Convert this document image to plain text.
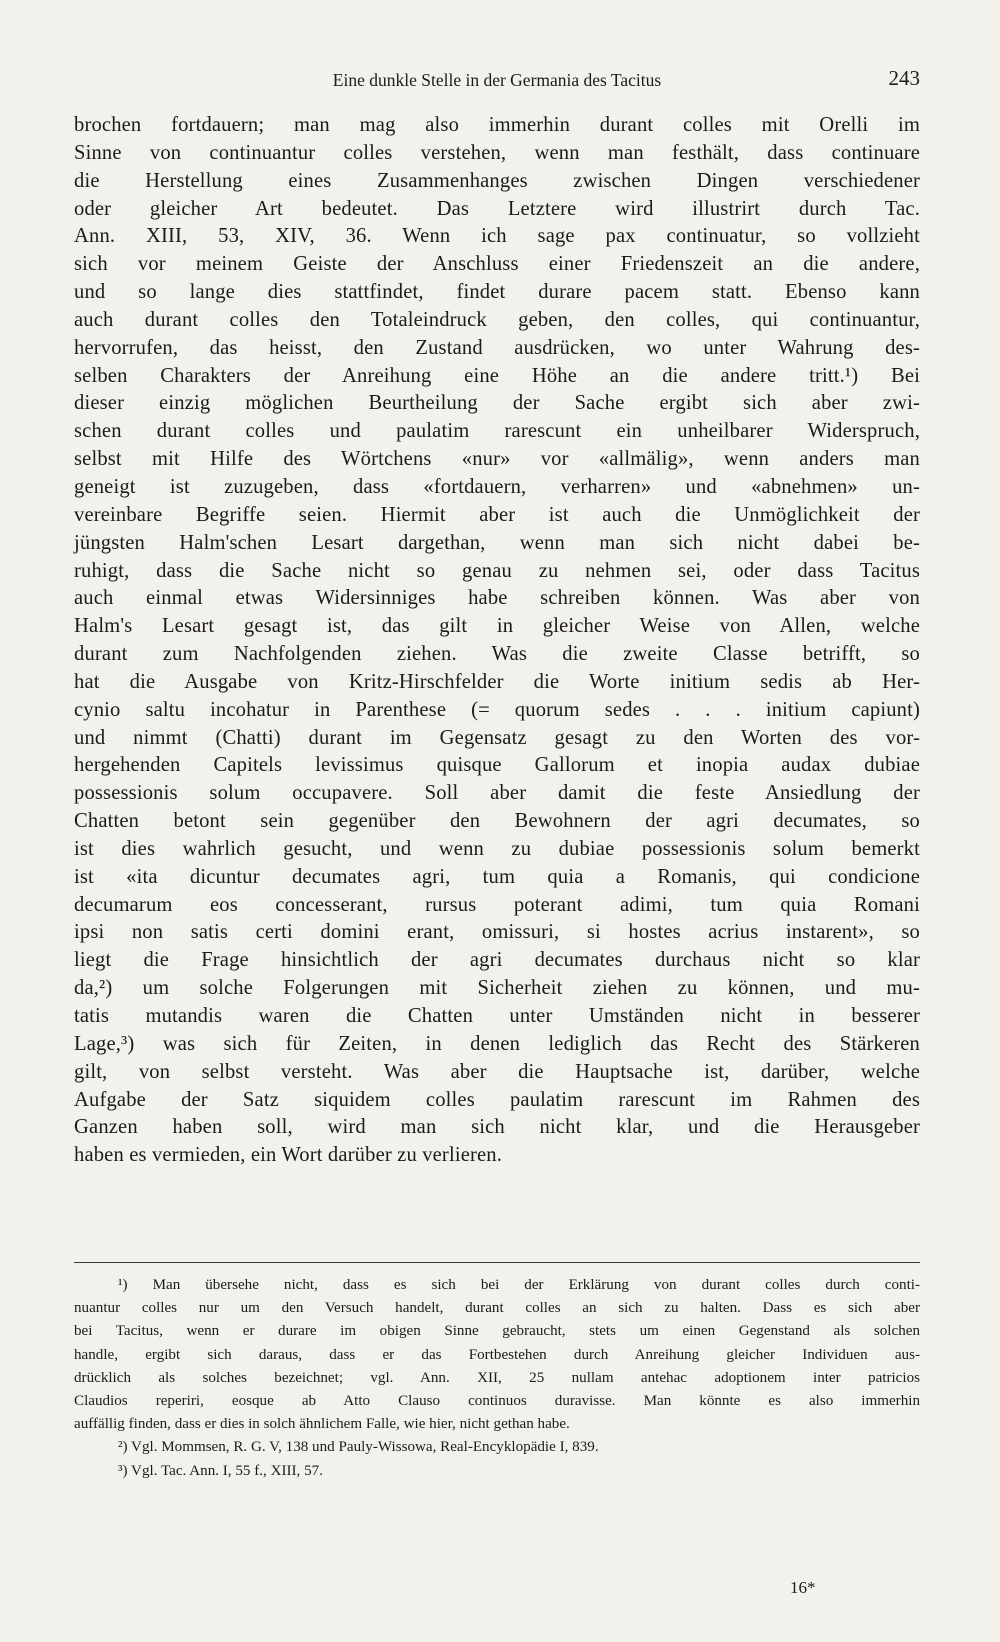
Eine dunkle Stelle in der Germania des Tacitus	243
brochen fortdauern; man mag also immerhin durant colles mit Orelli im
Sinne von continuantur colles verstehen, wenn man festhält, dass continuare
die Herstellung eines Zusammenhanges zwischen Dingen verschiedener
oder gleicher Art bedeutet. Das Letztere wird illustrirt durch Tac.
Ann. XIII, 53, XIV, 36. Wenn ich sage pax continuatur, so vollzieht
sich vor meinem Geiste der Anschluss einer Friedenszeit an die andere,
und so lange dies stattfindet, findet durare pacem statt. Ebenso kann
auch durant colles den Totaleindruck geben, den colles, qui continuantur,
hervorrufen, das heisst, den Zustand ausdrücken, wo unter Wahrung des-
selben Charakters der Anreihung eine Höhe an die andere tritt.¹) Bei
dieser einzig möglichen Beurtheilung der Sache ergibt sich aber zwi-
schen durant colles und paulatim rarescunt ein unheilbarer Widerspruch,
selbst mit Hilfe des Wörtchens «nur» vor «allmälig», wenn anders man
geneigt ist zuzugeben, dass «fortdauern, verharren» und «abnehmen» un-
vereinbare Begriffe seien. Hiermit aber ist auch die Unmöglichkeit der
jüngsten Halm'schen Lesart dargethan, wenn man sich nicht dabei be-
ruhigt, dass die Sache nicht so genau zu nehmen sei, oder dass Tacitus
auch einmal etwas Widersinniges habe schreiben können. Was aber von
Halm's Lesart gesagt ist, das gilt in gleicher Weise von Allen, welche
durant zum Nachfolgenden ziehen. Was die zweite Classe betrifft, so
hat die Ausgabe von Kritz-Hirschfelder die Worte initium sedis ab Her-
cynio saltu incohatur in Parenthese (= quorum sedes . . . initium capiunt)
und nimmt (Chatti) durant im Gegensatz gesagt zu den Worten des vor-
hergehenden Capitels levissimus quisque Gallorum et inopia audax dubiae
possessionis solum occupavere. Soll aber damit die feste Ansiedlung der
Chatten betont sein gegenüber den Bewohnern der agri decumates, so
ist dies wahrlich gesucht, und wenn zu dubiae possessionis solum bemerkt
ist «ita dicuntur decumates agri, tum quia a Romanis, qui condicione
decumarum eos concesserant, rursus poterant adimi, tum quia Romani
ipsi non satis certi domini erant, omissuri, si hostes acrius instarent», so
liegt die Frage hinsichtlich der agri decumates durchaus nicht so klar
da,²) um solche Folgerungen mit Sicherheit ziehen zu können, und mu-
tatis mutandis waren die Chatten unter Umständen nicht in besserer
Lage,³) was sich für Zeiten, in denen lediglich das Recht des Stärkeren
gilt, von selbst versteht. Was aber die Hauptsache ist, darüber, welche
Aufgabe der Satz siquidem colles paulatim rarescunt im Rahmen des
Ganzen haben soll, wird man sich nicht klar, und die Herausgeber
haben es vermieden, ein Wort darüber zu verlieren.
¹) Man übersehe nicht, dass es sich bei der Erklärung von durant colles durch conti-
nuantur colles nur um den Versuch handelt, durant colles an sich zu halten. Dass es sich aber
bei Tacitus, wenn er durare im obigen Sinne gebraucht, stets um einen Gegenstand als solchen
handle, ergibt sich daraus, dass er das Fortbestehen durch Anreihung gleicher Individuen aus-
drücklich als solches bezeichnet; vgl. Ann. XII, 25 nullam antehac adoptionem inter patricios
Claudios reperiri, eosque ab Atto Clauso continuos duravisse. Man könnte es also immerhin
auffällig finden, dass er dies in solch ähnlichem Falle, wie hier, nicht gethan habe.
²) Vgl. Mommsen, R. G. V, 138 und Pauly-Wissowa, Real-Encyklopädie I, 839.
³) Vgl. Tac. Ann. I, 55 f., XIII, 57.
16*
